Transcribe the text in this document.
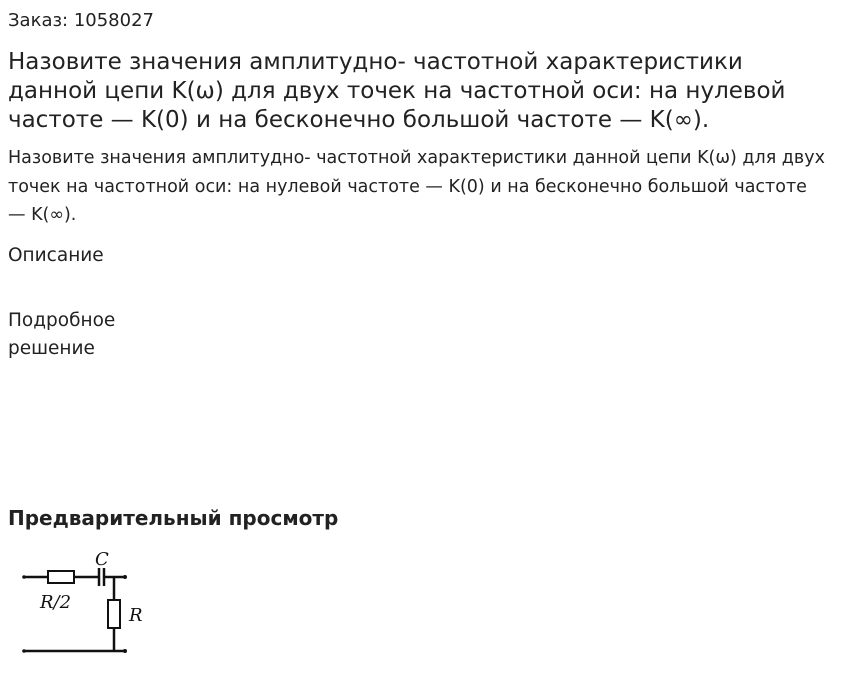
Заказ: 1058027
Назовите значения амплитудно- частотной характеристики данной цепи K(ω) для двух точек на частотной оси: на нулевой частоте — K(0) и на бесконечно большой частоте — K(∞).

Назовите значения амплитудно- частотной характеристики данной цепи K(ω) для двух точек на частотной оси: на нулевой частоте — K(0) и на бесконечно большой частоте — K(∞).

Описание
Подробное решение
Предварительный просмотр
C
R/2
R
